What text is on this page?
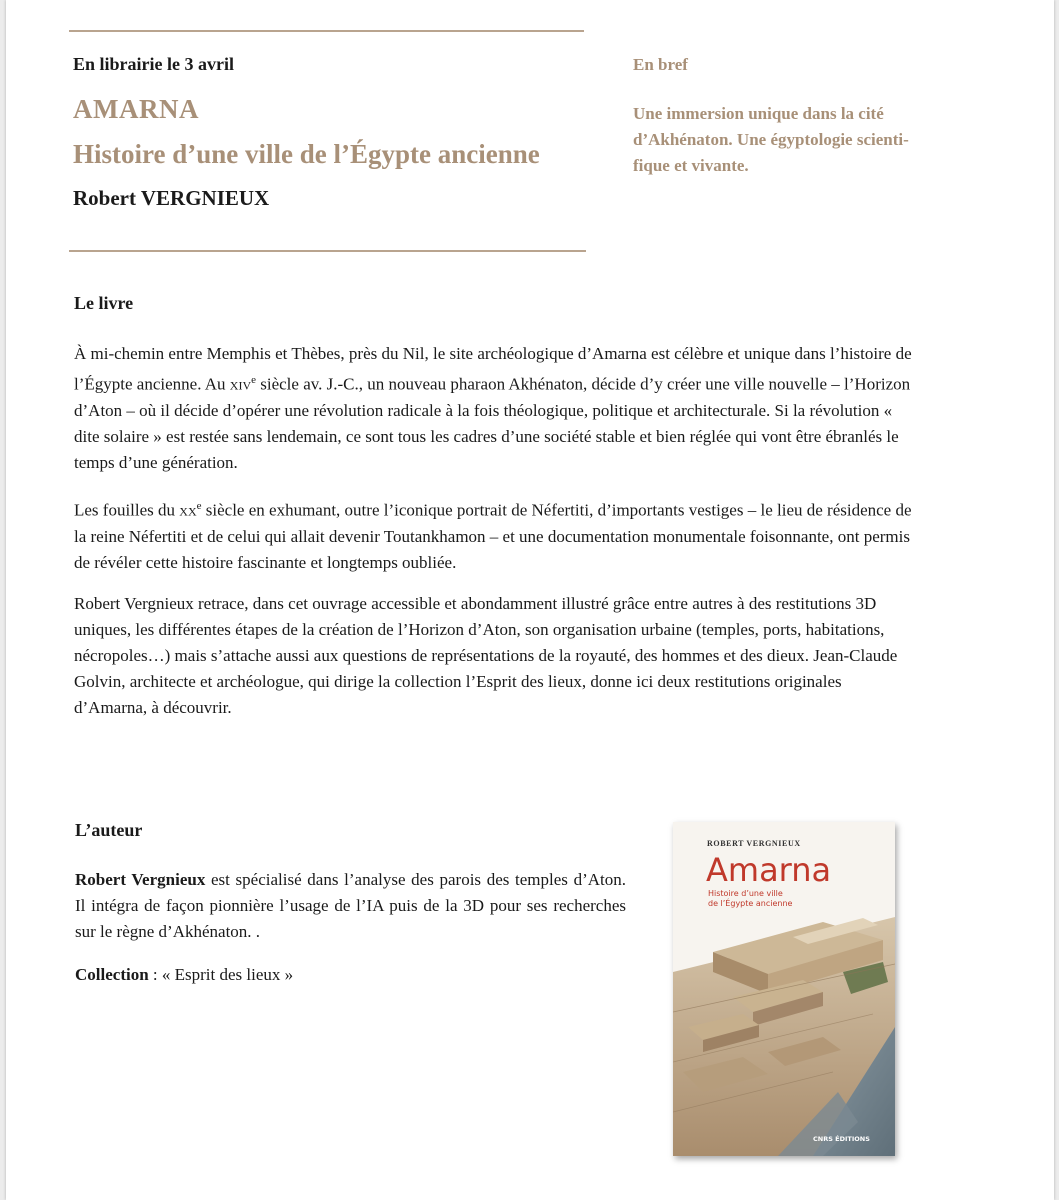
En librairie le 3 avril
AMARNA
Histoire d’une ville de l’Égypte ancienne
Robert VERGNIEUX
En bref
Une immersion unique dans la cité
d’Akhénaton. Une égyptologie scienti-
fique et vivante.
Le livre

À mi-chemin entre Memphis et Thèbes, près du Nil, le site archéologique d’Amarna est célèbre et unique dans l’histoire de l’Égypte ancienne. Au xiv$^e$ siècle av. J.-C., un nouveau pharaon Akhénaton, décide d’y créer une ville nouvelle – l’Horizon d’Aton – où il décide d’opérer une révolution radicale à la fois théologique, politique et architecturale. Si la révolution « dite solaire » est restée sans lendemain, ce sont tous les cadres d’une société stable et bien réglée qui vont être ébranlés le temps d’une génération.

Les fouilles du $xx^e$ siècle en exhumant, outre l’iconique portrait de Néfertiti, d’importants vestiges – le lieu de résidence de la reine Néfertiti et de celui qui allait devenir Toutankhamon – et une documentation monumentale foisonnante, ont permis de révéler cette histoire fascinante et longtemps oubliée.

Robert Vergnieux retrace, dans cet ouvrage accessible et abondamment illustré grâce entre autres à des restitutions 3D uniques, les différentes étapes de la création de l’Horizon d’Aton, son organisation urbaine (temples, ports, habitations, nécropoles…) mais s’attache aussi aux questions de représentations de la royauté, des hommes et des dieux. Jean-Claude Golvin, architecte et archéologue, qui dirige la collection l’Esprit des lieux, donne ici deux restitutions originales d’Amarna, à découvrir.

L’auteur
Robert Vergnieux est spécialisé dans l’analyse des parois des temples d’Aton. Il intégra de façon pionnière l’usage de l’IA puis de la 3D pour ses recherches sur le règne d’Akhénaton. .
Collection : « Esprit des lieux »
ROBERT VERGNIEUX
Amarna
Histoire d’une ville
de l’Égypte ancienne
CNRS ÉDITIONS
